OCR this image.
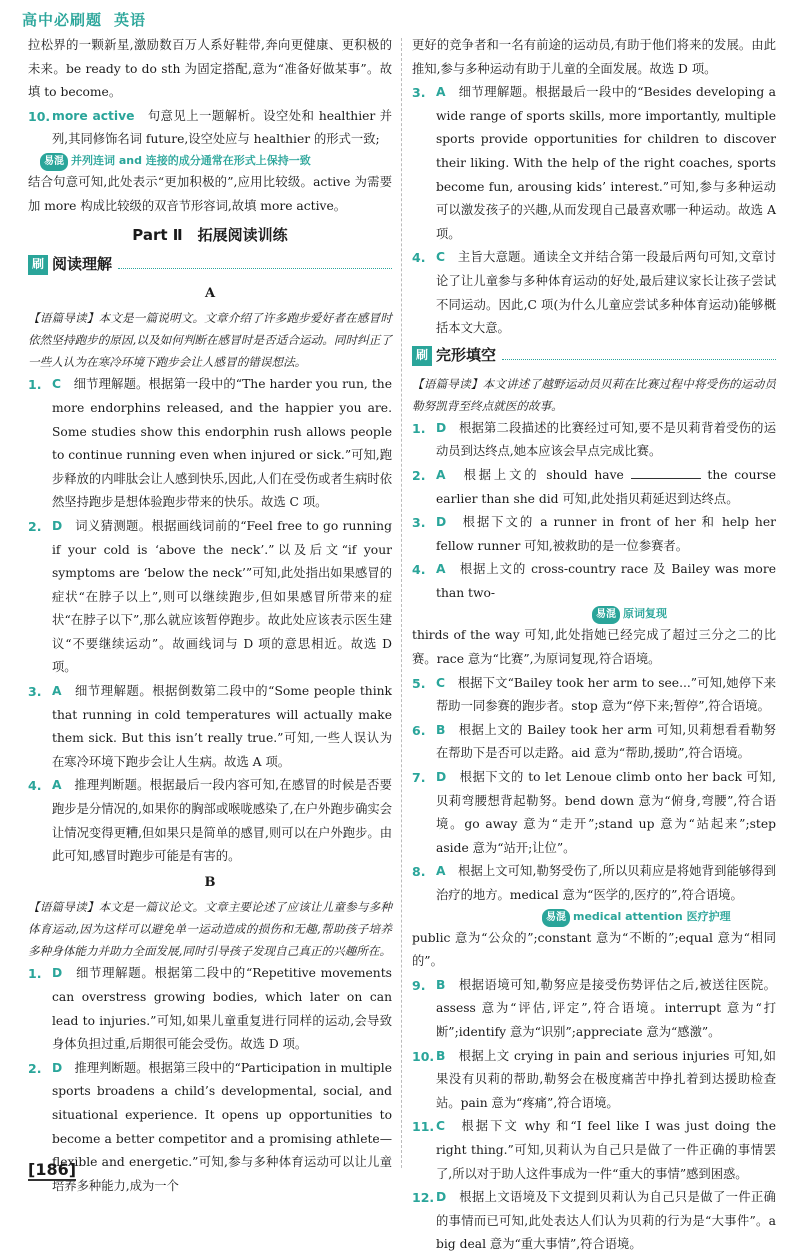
高中必刷题 英语

拉松界的一颗新星,激励数百万人系好鞋带,奔向更健康、更积极的未来。be ready to do sth 为固定搭配,意为“准备好做某事”。故填 to become。

10. more active　 句意见上一题解析。设空处和 healthier 并列,其同修饰名词 future,设空处应与 healthier 的形式一致;

易混 并列连词 and 连接的成分通常在形式上保持一致

结合句意可知,此处表示“更加积极的”,应用比较级。active 为需要加 more 构成比较级的双音节形容词,故填 more active。

Part Ⅱ　拓展阅读训练
刷 阅读理解
A

【语篇导读】本文是一篇说明文。文章介绍了许多跑步爱好者在感冒时依然坚持跑步的原因,以及如何判断在感冒时是否适合运动。同时纠正了一些人认为在寒冷环境下跑步会让人感冒的错误想法。

1. C　 细节理解题。根据第一段中的“The harder you run, the more endorphins released, and the happier you are. Some studies show this endorphin rush allows people to continue running even when injured or sick.”可知,跑步释放的内啡肽会让人感到快乐,因此,人们在受伤或者生病时依然坚持跑步是想体验跑步带来的快乐。故选 C 项。

2. D　 词义猜测题。根据画线词前的“Feel free to go running if your cold is ‘above the neck’.”以及后文“if your symptoms are ‘below the neck’”可知,此处指出如果感冒的症状“在脖子以上”,则可以继续跑步,但如果感冒所带来的症状“在脖子以下”,那么就应该暂停跑步。故此处应该表示医生建议“不要继续运动”。故画线词与 D 项的意思相近。故选 D 项。

3. A　 细节理解题。根据倒数第二段中的“Some people think that running in cold temperatures will actually make them sick. But this isn’t really true.”可知,一些人误认为在寒冷环境下跑步会让人生病。故选 A 项。

4. A　 推理判断题。根据最后一段内容可知,在感冒的时候是否要跑步是分情况的,如果你的胸部或喉咙感染了,在户外跑步确实会让情况变得更糟,但如果只是简单的感冒,则可以在户外跑步。由此可知,感冒时跑步可能是有害的。

B

【语篇导读】本文是一篇议论文。文章主要论述了应该让儿童参与多种体育运动,因为这样可以避免单一运动造成的损伤和无趣,帮助孩子培养多种身体能力并助力全面发展,同时引导孩子发现自己真正的兴趣所在。

1. D　 细节理解题。根据第二段中的“Repetitive movements can overstress growing bodies, which later on can lead to injuries.”可知,如果儿童重复进行同样的运动,会导致身体负担过重,后期很可能会受伤。故选 D 项。

2. D　 推理判断题。根据第三段中的“Participation in multiple sports broadens a child’s developmental, social, and situational experience. It opens up opportunities to become a better competitor and a promising athlete—flexible and energetic.”可知,参与多种体育运动可以让儿童培养多种能力,成为一个

更好的竞争者和一名有前途的运动员,有助于他们将来的发展。由此推知,参与多种运动有助于儿童的全面发展。故选 D 项。

3. A　 细节理解题。根据最后一段中的“Besides developing a wide range of sports skills, more importantly, multiple sports provide opportunities for children to discover their liking. With the help of the right coaches, sports become fun, arousing kids’ interest.”可知,参与多种运动可以激发孩子的兴趣,从而发现自己最喜欢哪一种运动。故选 A 项。

4. C　 主旨大意题。通读全文并结合第一段最后两句可知,文章讨论了让儿童参与多种体育运动的好处,最后建议家长让孩子尝试不同运动。因此,C 项(为什么儿童应尝试多种体育运动)能够概括本文大意。

刷 完形填空

【语篇导读】本文讲述了越野运动员贝莉在比赛过程中将受伤的运动员勒努凯背至终点就医的故事。

1. D　 根据第二段描述的比赛经过可知,要不是贝莉背着受伤的运动员到达终点,她本应该会早点完成比赛。

2. A　 根据上文的 should have	the course earlier than she did 可知,此处指贝莉延迟到达终点。

3. D　 根据下文的 a runner in front of her 和 help her fellow runner 可知,被救助的是一位参赛者。

4. A　 根据上文的 cross-country race 及 Bailey was more than two-

易混 原词复现

thirds of the way 可知,此处指她已经完成了超过三分之二的比赛。race 意为“比赛”,为原词复现,符合语境。

5. C　 根据下文“Bailey took her arm to see...”可知,她停下来帮助一同参赛的跑步者。stop 意为“停下来;暂停”,符合语境。

6. B　 根据上文的 Bailey took her arm 可知,贝莉想看看勒努在帮助下是否可以走路。aid 意为“帮助,援助”,符合语境。

7. D　 根据下文的 to let Lenoue climb onto her back 可知,贝莉弯腰想背起勒努。bend down 意为“俯身,弯腰”,符合语境。go away 意为“走开”;stand up 意为“站起来”;step aside 意为“站开;让位”。

8. A　 根据上文可知,勒努受伤了,所以贝莉应是将她背到能够得到治疗的地方。medical 意为“医学的,医疗的”,符合语境。

易混 medical attention 医疗护理

public 意为“公众的”;constant 意为“不断的”;equal 意为“相同的”。

9. B　 根据语境可知,勒努应是接受伤势评估之后,被送往医院。assess 意为“评估,评定”,符合语境。interrupt 意为“打断”;identify 意为“识别”;appreciate 意为“感激”。

10. B　 根据上文 crying in pain and serious injuries 可知,如果没有贝莉的帮助,勒努会在极度痛苦中挣扎着到达援助检查站。pain 意为“疼痛”,符合语境。

11. C　 根据下文 why 和“I feel like I was just doing the right thing.”可知,贝莉认为自己只是做了一件正确的事情罢了,所以对于助人这件事成为一件“重大的事情”感到困惑。

12. D　 根据上文语境及下文提到贝莉认为自己只是做了一件正确的事情而已可知,此处表达人们认为贝莉的行为是“大事件”。a big deal 意为“重大事情”,符合语境。

[186]
